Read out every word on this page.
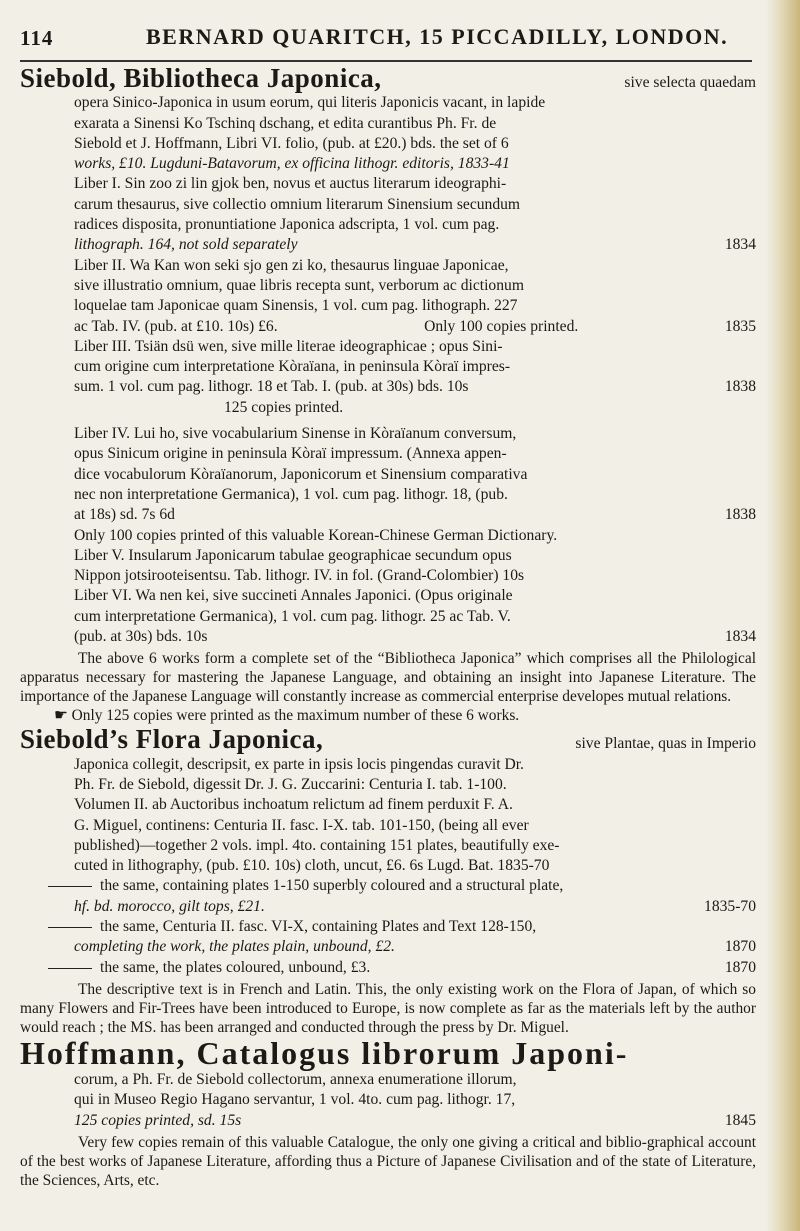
114	BERNARD QUARITCH, 15 PICCADILLY, LONDON.
Siebold, Bibliotheca Japonica,	sive selecta quaedam
opera Sinico-Japonica in usum eorum, qui literis Japonicis vacant, in lapide
exarata a Sinensi Ko Tschinq dschang, et edita curantibus Ph. Fr. de
Siebold et J. Hoffmann, Libri VI. folio, (pub. at £20.) bds. the set of 6
works, £10. Lugduni-Batavorum, ex officina lithogr. editoris, 1833-41
Liber I. Sin zoo zi lin gjok ben, novus et auctus literarum ideographi-
carum thesaurus, sive collectio omnium literarum Sinensium secundum
radices disposita, pronuntiatione Japonica adscripta, 1 vol. cum pag.
lithograph. 164, not sold separately	1834
Liber II. Wa Kan won seki sjo gen zi ko, thesaurus linguae Japonicae,
sive illustratio omnium, quae libris recepta sunt, verborum ac dictionum
loquelae tam Japonicae quam Sinensis, 1 vol. cum pag. lithograph. 227
ac Tab. IV. (pub. at £10. 10s) £6.	Only 100 copies printed.	1835
Liber III. Tsiän dsü wen, sive mille literae ideographicae ; opus Sini-
cum origine cum interpretatione Kòraïana, in peninsula Kòraï impres-
sum. 1 vol. cum pag. lithogr. 18 et Tab. I. (pub. at 30s) bds. 10s	1838
125 copies printed.
Liber IV. Lui ho, sive vocabularium Sinense in Kòraïanum conversum,
opus Sinicum origine in peninsula Kòraï impressum. (Annexa appen-
dice vocabulorum Kòraïanorum, Japonicorum et Sinensium comparativa
nec non interpretatione Germanica), 1 vol. cum pag. lithogr. 18, (pub.
at 18s) sd. 7s 6d	1838
Only 100 copies printed of this valuable Korean-Chinese German Dictionary.
Liber V. Insularum Japonicarum tabulae geographicae secundum opus
Nippon jotsirooteisentsu. Tab. lithogr. IV. in fol. (Grand-Colombier) 10s
Liber VI. Wa nen kei, sive succineti Annales Japonici. (Opus originale
cum interpretatione Germanica), 1 vol. cum pag. lithogr. 25 ac Tab. V.
(pub. at 30s) bds. 10s	1834

The above 6 works form a complete set of the “Bibliotheca Japonica” which comprises all the Philological apparatus necessary for mastering the Japanese Language, and obtaining an insight into Japanese Literature. The importance of the Japanese Language will constantly increase as commercial enterprise developes mutual relations.

☛ Only 125 copies were printed as the maximum number of these 6 works.

Siebold’s Flora Japonica,	sive Plantae, quas in Imperio
Japonica collegit, descripsit, ex parte in ipsis locis pingendas curavit Dr.
Ph. Fr. de Siebold, digessit Dr. J. G. Zuccarini: Centuria I. tab. 1-100.
Volumen II. ab Auctoribus inchoatum relictum ad finem perduxit F. A.
G. Miguel, continens: Centuria II. fasc. I-X. tab. 101-150, (being all ever
published)—together 2 vols. impl. 4to. containing 151 plates, beautifully exe-
cuted in lithography, (pub. £10. 10s) cloth, uncut, £6. 6s Lugd. Bat. 1835-70
the same, containing plates 1-150 superbly coloured and a structural plate,
hf. bd. morocco, gilt tops, £21.	1835-70
the same, Centuria II. fasc. VI-X, containing Plates and Text 128-150,
completing the work, the plates plain, unbound, £2.	1870
the same, the plates coloured, unbound, £3.	1870

The descriptive text is in French and Latin. This, the only existing work on the Flora of Japan, of which so many Flowers and Fir-Trees have been introduced to Europe, is now complete as far as the materials left by the author would reach ; the MS. has been arranged and conducted through the press by Dr. Miguel.

Hoffmann, Catalogus librorum Japoni-
corum, a Ph. Fr. de Siebold collectorum, annexa enumeratione illorum,
qui in Museo Regio Hagano servantur, 1 vol. 4to. cum pag. lithogr. 17,
125 copies printed, sd. 15s	1845

Very few copies remain of this valuable Catalogue, the only one giving a critical and biblio-graphical account of the best works of Japanese Literature, affording thus a Picture of Japanese Civilisation and of the state of Literature, the Sciences, Arts, etc.
